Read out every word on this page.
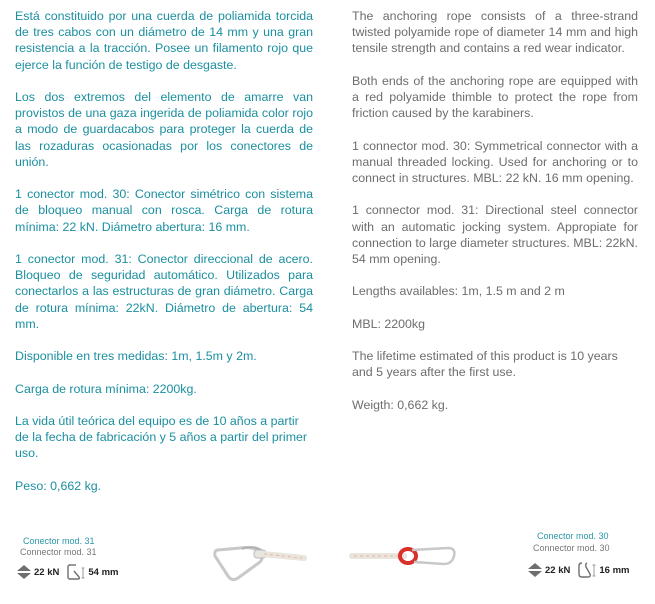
Está constituido por una cuerda de poliamida torcida de tres cabos con un diámetro de 14 mm y una gran resistencia a la tracción. Posee un filamento rojo que ejerce la función de testigo de desgaste.

Los dos extremos del elemento de amarre van provistos de una gaza ingerida de poliamida color rojo a modo de guardacabos para proteger la cuerda de las rozaduras ocasionadas por los conectores de unión.

1 conector mod. 30: Conector simétrico con sistema de bloqueo manual con rosca. Carga de rotura mínima: 22 kN. Diámetro abertura: 16 mm.

1 conector mod. 31: Conector direccional de acero. Bloqueo de seguridad automático. Utilizados para conectarlos a las estructuras de gran diámetro. Carga de rotura mínima: 22kN. Diámetro de abertura: 54 mm.

Disponible en tres medidas: 1m, 1.5m y 2m.

Carga de rotura mínima: 2200kg.

La vida útil teórica del equipo es de 10 años a partir de la fecha de fabricación y 5 años a partir del primer uso.

Peso: 0,662 kg.

The anchoring rope consists of a three-strand twisted polyamide rope of diameter 14 mm and high tensile strength and contains a red wear indicator.

Both ends of the anchoring rope are equipped with a red polyamide thimble to protect the rope from friction caused by the karabiners.

1 connector mod. 30: Symmetrical connector with a manual threaded locking. Used for anchoring or to connect in structures. MBL: 22 kN. 16 mm opening.

1 connector mod. 31: Directional steel connector with an automatic jocking system. Appropiate for connection to large diameter structures. MBL: 22kN. 54 mm opening.

Lengths availables: 1m, 1.5 m and 2 m

MBL: 2200kg

The lifetime estimated of this product is 10 years and 5 years after the first use.

Weigth: 0,662 kg.

Conector mod. 31
Connector mod. 31
22 kN	54 mm
Conector mod. 30
Connector mod. 30
22 kN	16 mm
